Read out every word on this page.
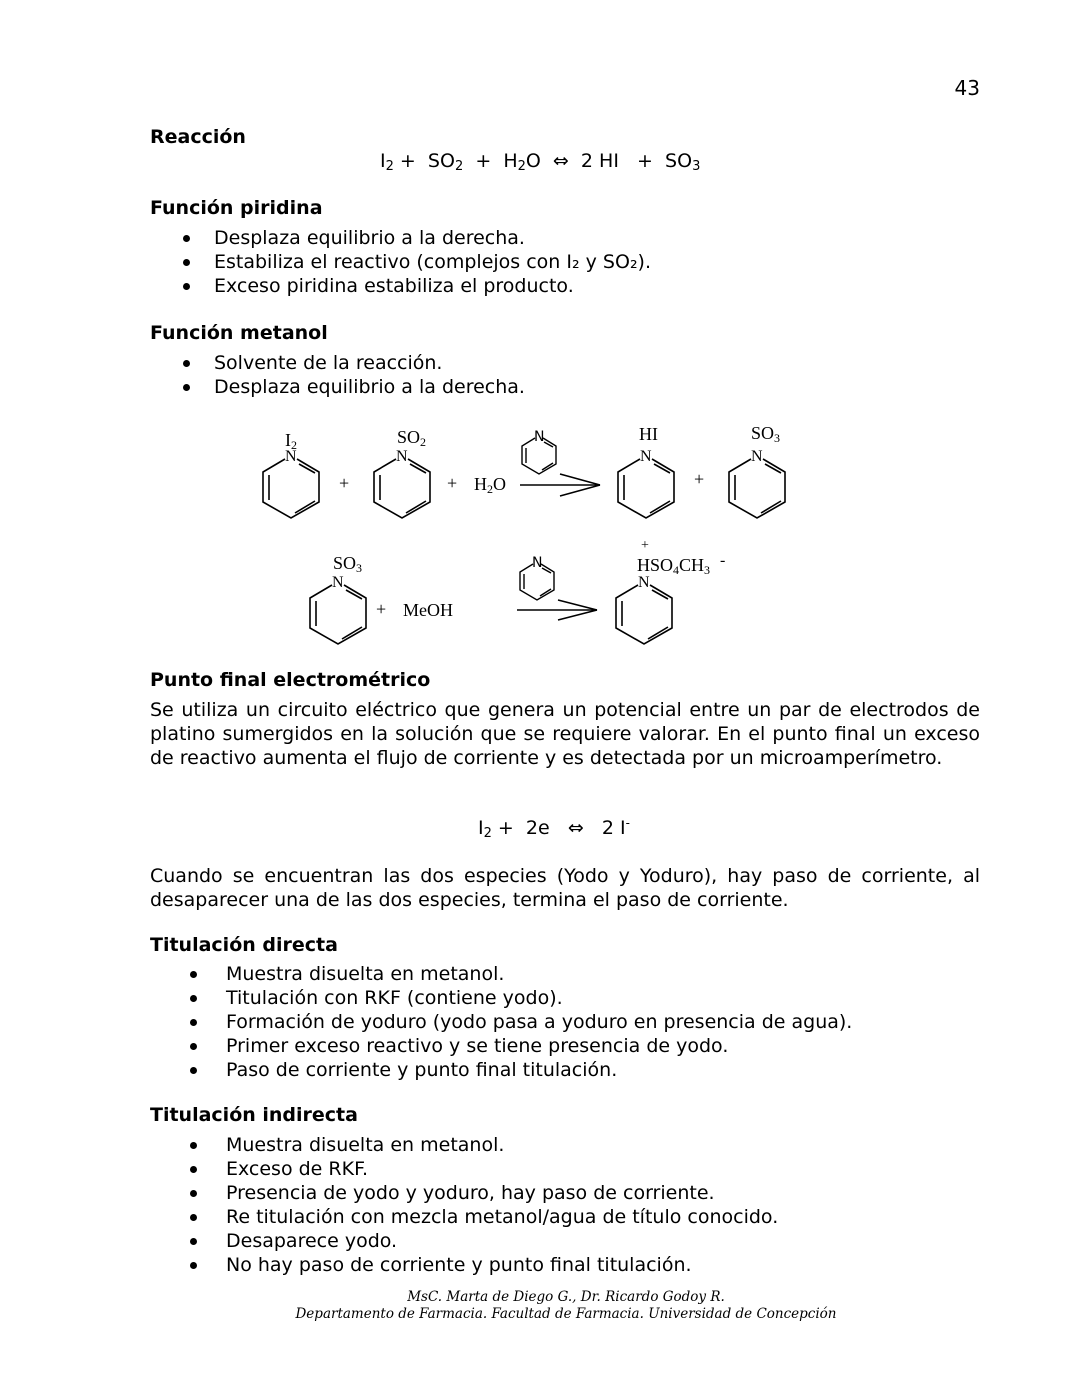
43
Reacción
$I_2 + SO_2 + H_2O$  ⇔  2 HI   +  $SO_3$
Función piridina
Desplaza equilibrio a la derecha.
Estabiliza el reactivo (complejos con I₂ y SO₂).
Exceso piridina estabiliza el producto.
Función metanol
Solvente de la reacción.
Desplaza equilibrio a la derecha.
$I_2$
N
+
$SO_2$
N
+ $H_2O$
N	HI
N
+
$SO_3$
N
$SO_3$
N
+ MeOH
N
+
$HSO_4CH_3$
-
N
Punto final electrométrico
Se utiliza un circuito eléctrico que genera un potencial entre un par de electrodos de platino sumergidos en la solución que se requiere valorar. En el punto final un exceso de reactivo aumenta el flujo de corriente y es detectada por un microamperímetro.
$I_2 + 2e$   ⇔   2 I-
Cuando se encuentran las dos especies (Yodo y Yoduro), hay paso de corriente, al desaparecer una de las dos especies, termina el paso de corriente.
Titulación directa
Muestra disuelta en metanol.
Titulación con RKF (contiene yodo).
Formación de yoduro (yodo pasa a yoduro en presencia de agua).
Primer exceso reactivo y se tiene presencia de yodo.
Paso de corriente y punto final titulación.
Titulación indirecta
Muestra disuelta en metanol.
Exceso de RKF.
Presencia de yodo y yoduro, hay paso de corriente.
Re titulación con mezcla metanol/agua de título conocido.
Desaparece yodo.
No hay paso de corriente y punto final titulación.
MsC. Marta de Diego G., Dr. Ricardo Godoy R.
Departamento de Farmacia. Facultad de Farmacia. Universidad de Concepción
